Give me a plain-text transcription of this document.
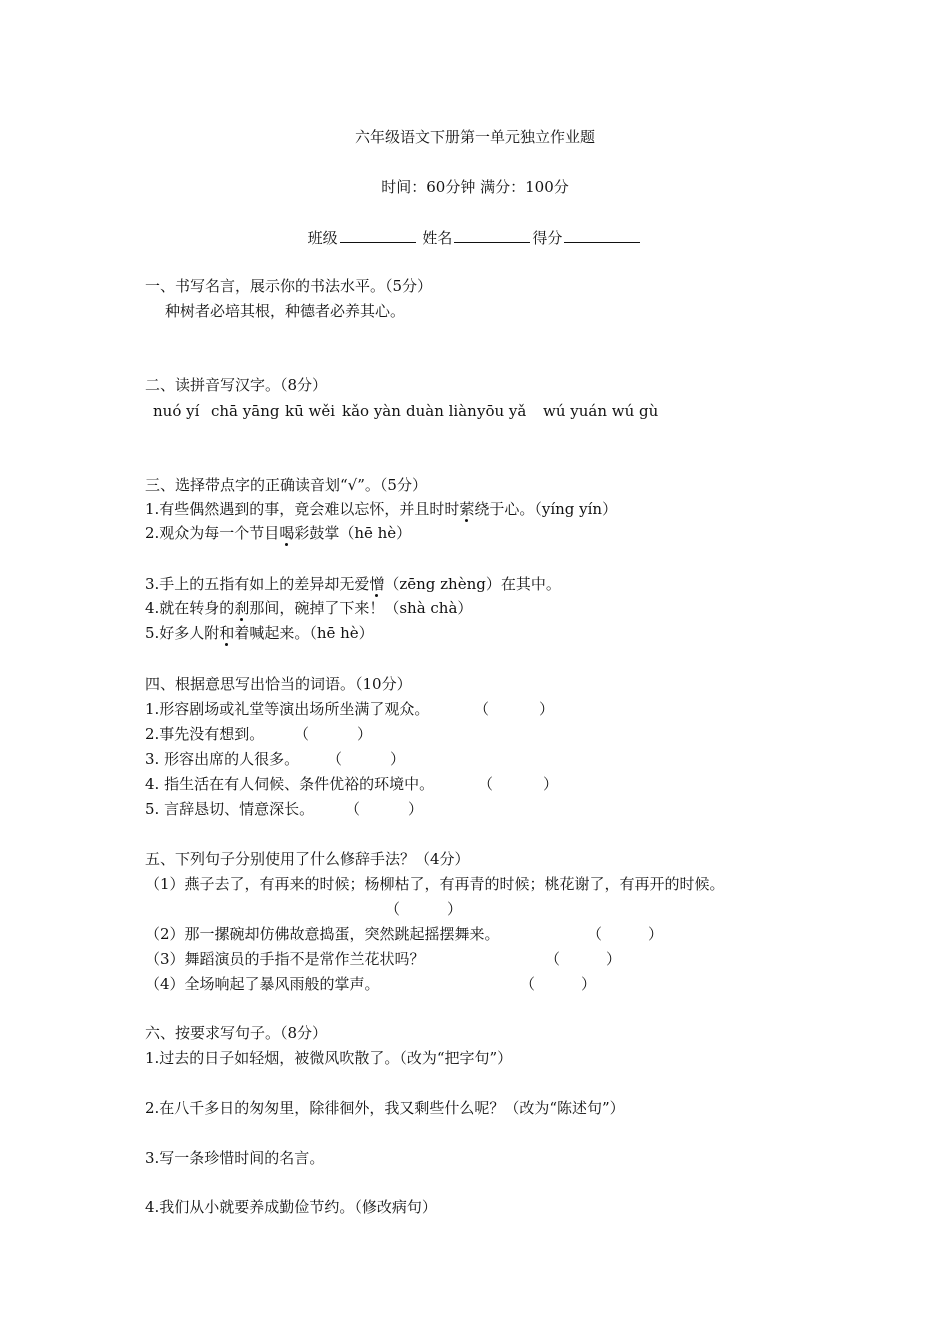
六年级语文下册第一单元独立作业题
时间：60分钟 满分：100分
班级	姓名	得分
一、书写名言，展示你的书法水平。（5分）
种树者必培其根，种德者必养其心。
二、读拼音写汉字。（8分）
nuó yí chā yāng kū wěi kǎo yàn duàn liàn yōu yǎ wú yuán wú gù
三、选择带点字的正确读音划“√”。（5分）
1.有些偶然遇到的事，竟会难以忘怀，并且时时萦绕于心。（yíng yín）
2.观众为每一个节目喝彩鼓掌（hē hè）
3.手上的五指有如上的差异却无爱憎（zēng zhèng）在其中。
4.就在转身的刹那间，碗掉了下来！（shà chà）
5.好多人附和着喊起来。（hē hè）
四、根据意思写出恰当的词语。（10分）
1.形容剧场或礼堂等演出场所坐满了观众。	（	）
2.事先没有想到。 （	）
3. 形容出席的人很多。 （	）
4. 指生活在有人伺候、条件优裕的环境中。	（	）
5. 言辞恳切、情意深长。 （	）
五、下列句子分别使用了什么修辞手法？（4分）
（1）燕子去了，有再来的时候；杨柳枯了，有再青的时候；桃花谢了，有再开的时候。
（	）
（2）那一摞碗却仿佛故意捣蛋，突然跳起摇摆舞来。	（	）
（3）舞蹈演员的手指不是常作兰花状吗？	（	）
（4）全场响起了暴风雨般的掌声。	（	）
六、按要求写句子。（8分）
1.过去的日子如轻烟，被微风吹散了。（改为“把字句”）
2.在八千多日的匆匆里，除徘徊外，我又剩些什么呢？（改为“陈述句”）
3.写一条珍惜时间的名言。
4.我们从小就要养成勤俭节约。（修改病句）
